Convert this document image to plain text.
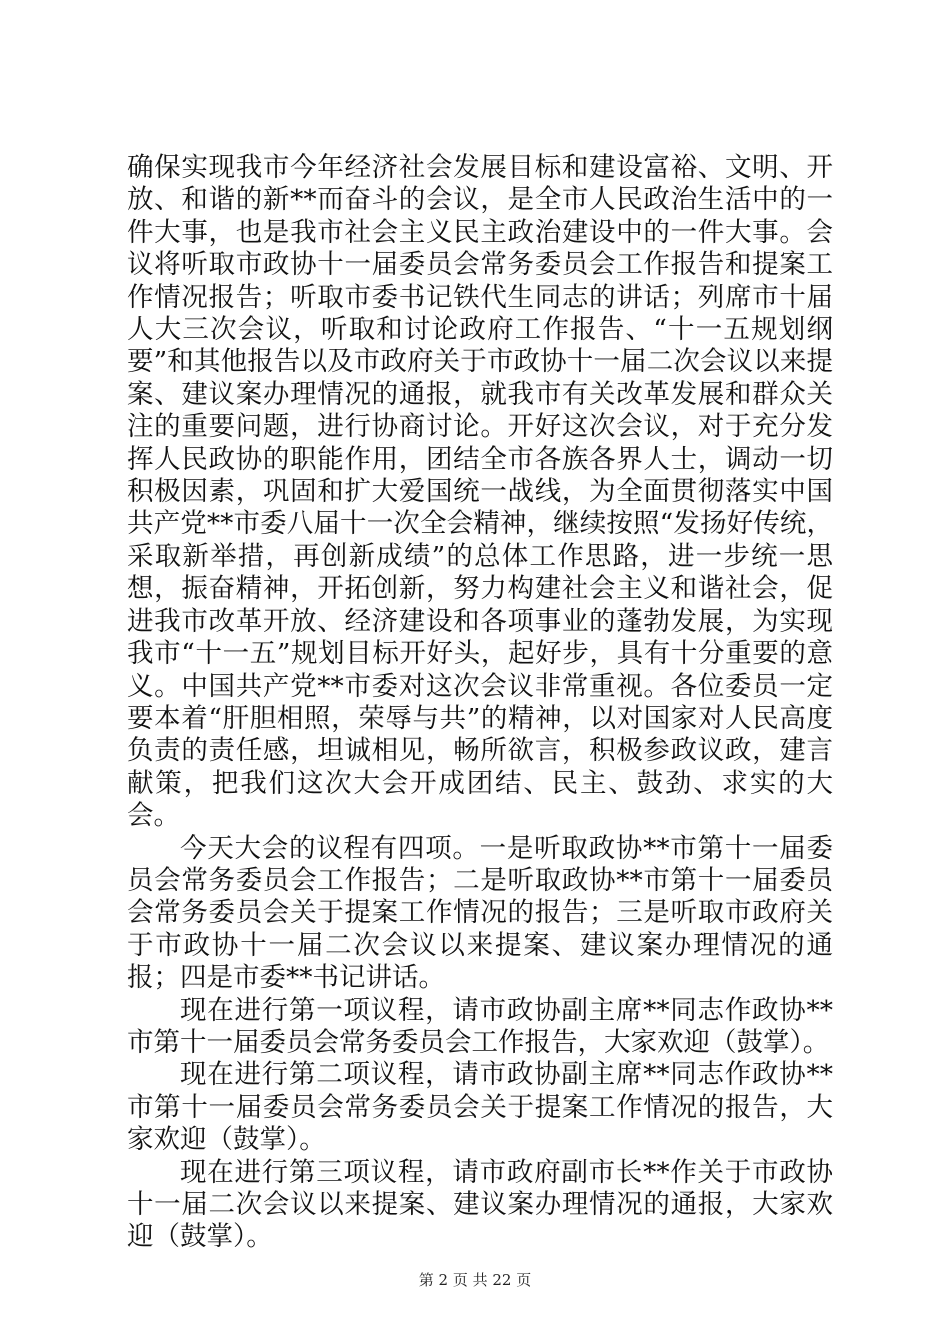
确保实现我市今年经济社会发展目标和建设富裕、文明、开放、和谐的新**而奋斗的会议，是全市人民政治生活中的一件大事，也是我市社会主义民主政治建设中的一件大事。会议将听取市政协十一届委员会常务委员会工作报告和提案工作情况报告；听取市委书记铁代生同志的讲话；列席市十届人大三次会议，听取和讨论政府工作报告、“十一五规划纲要”和其他报告以及市政府关于市政协十一届二次会议以来提案、建议案办理情况的通报，就我市有关改革发展和群众关注的重要问题，进行协商讨论。开好这次会议，对于充分发挥人民政协的职能作用，团结全市各族各界人士，调动一切积极因素，巩固和扩大爱国统一战线，为全面贯彻落实中国共产党**市委八届十一次全会精神，继续按照“发扬好传统，采取新举措，再创新成绩”的总体工作思路，进一步统一思想，振奋精神，开拓创新，努力构建社会主义和谐社会，促进我市改革开放、经济建设和各项事业的蓬勃发展，为实现我市“十一五”规划目标开好头，起好步，具有十分重要的意义。中国共产党**市委对这次会议非常重视。各位委员一定要本着“肝胆相照，荣辱与共”的精神，以对国家对人民高度负责的责任感，坦诚相见，畅所欲言，积极参政议政，建言献策，把我们这次大会开成团结、民主、鼓劲、求实的大会。

今天大会的议程有四项。一是听取政协**市第十一届委员会常务委员会工作报告；二是听取政协**市第十一届委员会常务委员会关于提案工作情况的报告；三是听取市政府关于市政协十一届二次会议以来提案、建议案办理情况的通报；四是市委**书记讲话。

现在进行第一项议程，请市政协副主席**同志作政协**市第十一届委员会常务委员会工作报告，大家欢迎（鼓掌）。

现在进行第二项议程，请市政协副主席**同志作政协**市第十一届委员会常务委员会关于提案工作情况的报告，大家欢迎（鼓掌）。

现在进行第三项议程，请市政府副市长**作关于市政协十一届二次会议以来提案、建议案办理情况的通报，大家欢迎（鼓掌）。

第 2 页 共 22 页
